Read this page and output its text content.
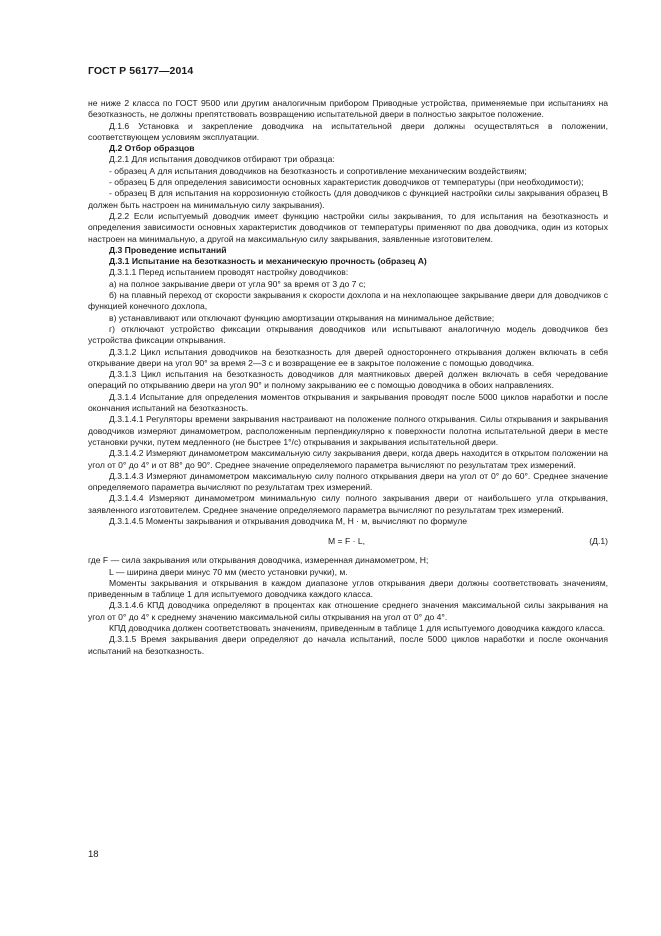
ГОСТ Р 56177—2014

не ниже 2 класса по ГОСТ 9500 или другим аналогичным прибором Приводные устройства, применяемые при испытаниях на безотказность, не должны препятствовать возвращению испытательной двери в полностью закрытое положение.

Д.1.6 Установка и закрепление доводчика на испытательной двери должны осуществляться в положении, соответствующем условиям эксплуатации.

Д.2 Отбор образцов

Д.2.1 Для испытания доводчиков отбирают три образца:

- образец А для испытания доводчиков на безотказность и сопротивление механическим воздействиям;

- образец Б для определения зависимости основных характеристик доводчиков от температуры (при необходимости);

- образец В для испытания на коррозионную стойкость (для доводчиков с функцией настройки силы закрывания образец В должен быть настроен на минимальную силу закрывания).

Д.2.2 Если испытуемый доводчик имеет функцию настройки силы закрывания, то для испытания на безотказность и определения зависимости основных характеристик доводчиков от температуры применяют по два доводчика, один из которых настроен на минимальную, а другой на максимальную силу закрывания, заявленные изготовителем.

Д.3 Проведение испытаний

Д.3.1 Испытание на безотказность и механическую прочность (образец А)

Д.3.1.1 Перед испытанием проводят настройку доводчиков:

а) на полное закрывание двери от угла 90° за время от 3 до 7 с;

б) на плавный переход от скорости закрывания к скорости дохлопа и на нехлопающее закрывание двери для доводчиков с функцией конечного дохлопа,

в) устанавливают или отключают функцию амортизации открывания на минимальное действие;

г) отключают устройство фиксации открывания доводчиков или испытывают аналогичную модель доводчиков без устройства фиксации открывания.

Д.3.1.2 Цикл испытания доводчиков на безотказность для дверей одностороннего открывания должен включать в себя открывание двери на угол 90° за время 2—3 с и возвращение ее в закрытое положение с помощью доводчика.

Д.3.1.3 Цикл испытания на безотказность доводчиков для маятниковых дверей должен включать в себя чередование операций по открыванию двери на угол 90° и полному закрыванию ее с помощью доводчика в обоих направлениях.

Д.3.1.4 Испытание для определения моментов открывания и закрывания проводят после 5000 циклов наработки и после окончания испытаний на безотказность.

Д.3.1.4.1 Регуляторы времени закрывания настраивают на положение полного открывания. Силы открывания и закрывания доводчиков измеряют динамометром, расположенным перпендикулярно к поверхности полотна испытательной двери в месте установки ручки, путем медленного (не быстрее 1°/с) открывания и закрывания испытательной двери.

Д.3.1.4.2 Измеряют динамометром максимальную силу закрывания двери, когда дверь находится в открытом положении на угол от 0° до 4° и от 88° до 90°. Среднее значение определяемого параметра вычисляют по результатам трех измерений.

Д.3.1.4.3 Измеряют динамометром максимальную силу полного открывания двери на угол от 0° до 60°. Среднее значение определяемого параметра вычисляют по результатам трех измерений.

Д.3.1.4.4 Измеряют динамометром минимальную силу полного закрывания двери от наибольшего угла открывания, заявленного изготовителем. Среднее значение определяемого параметра вычисляют по результатам трех измерений.

Д.3.1.4.5 Моменты закрывания и открывания доводчика М, Н · м, вычисляют по формуле

M = F · L,	(Д.1)

где F — сила закрывания или открывания доводчика, измеренная динамометром, Н;

L — ширина двери минус 70 мм (место установки ручки), м.

Моменты закрывания и открывания в каждом диапазоне углов открывания двери должны соответствовать значениям, приведенным в таблице 1 для испытуемого доводчика каждого класса.

Д.3.1.4.6 КПД доводчика определяют в процентах как отношение среднего значения максимальной силы закрывания на угол от 0° до 4° к среднему значению максимальной силы открывания на угол от 0° до 4°.

КПД доводчика должен соответствовать значениям, приведенным в таблице 1 для испытуемого доводчика каждого класса.

Д.3.1.5 Время закрывания двери определяют до начала испытаний, после 5000 циклов наработки и после окончания испытаний на безотказность.

18
